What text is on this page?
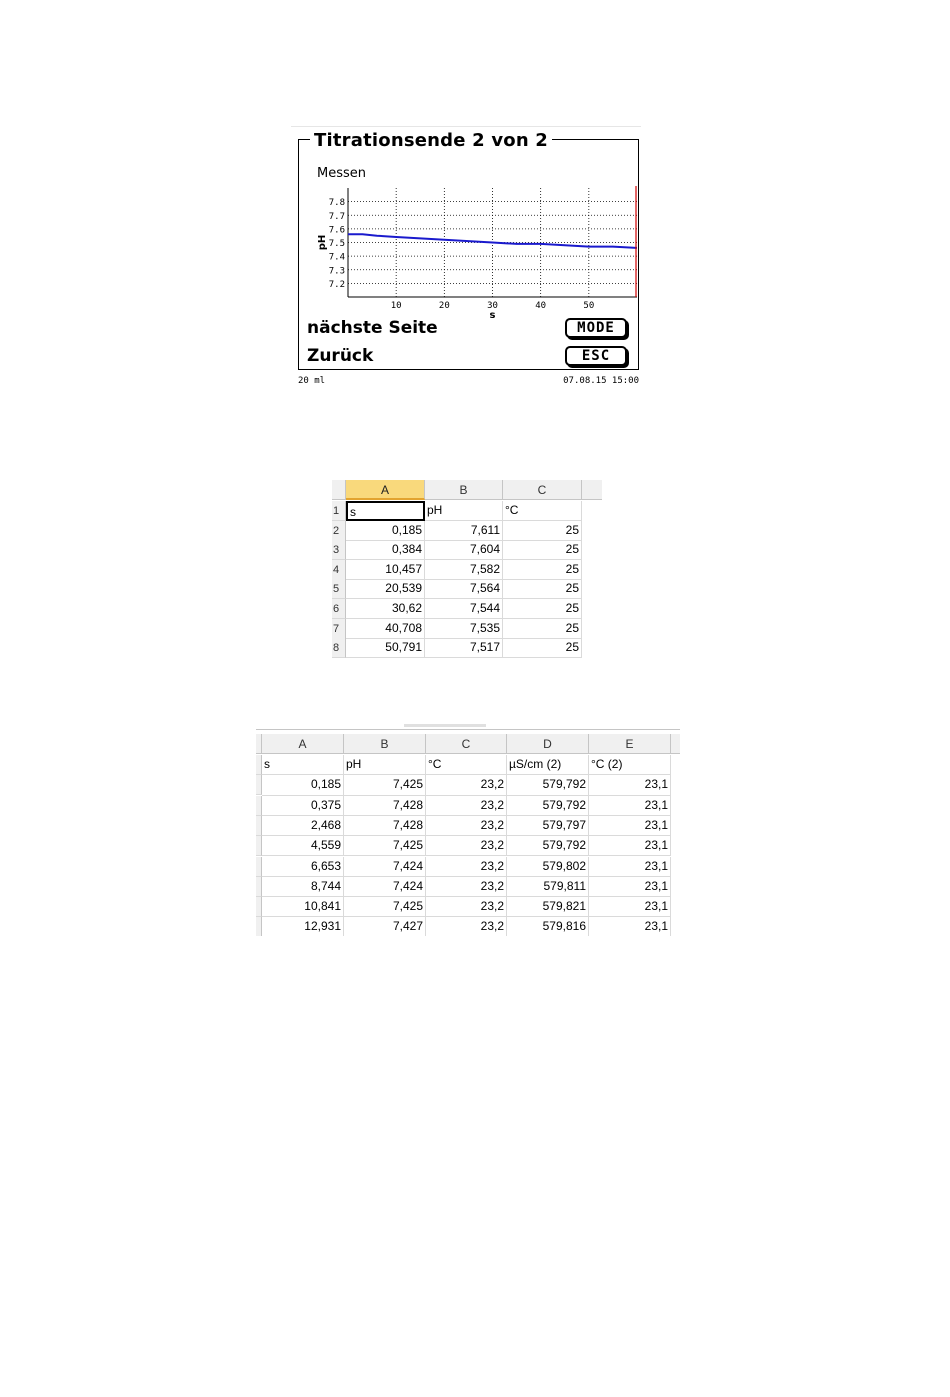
Messen
7.8
7.7
7.6
7.5
7.4
7.3
7.2
10	20	30	40	50
pH
s
nächste Seite
Zurück
MODE
ESC
Titrationsende 2 von 2
20 ml	07.08.15 15:00
A	B	C
1 s	pH	°C
2	0,185	7,611	25
3	0,384	7,604	25
4	10,457	7,582	25
5	20,539	7,564	25
6	30,62	7,544	25
7	40,708	7,535	25
8	50,791	7,517	25
A	B	C	D	E
s	pH	°C	µS/cm (2)	°C (2)
0,185	7,425	23,2	579,792	23,1
0,375	7,428	23,2	579,792	23,1
2,468	7,428	23,2	579,797	23,1
4,559	7,425	23,2	579,792	23,1
6,653	7,424	23,2	579,802	23,1
8,744	7,424	23,2	579,811	23,1
10,841	7,425	23,2	579,821	23,1
12,931	7,427	23,2	579,816	23,1
